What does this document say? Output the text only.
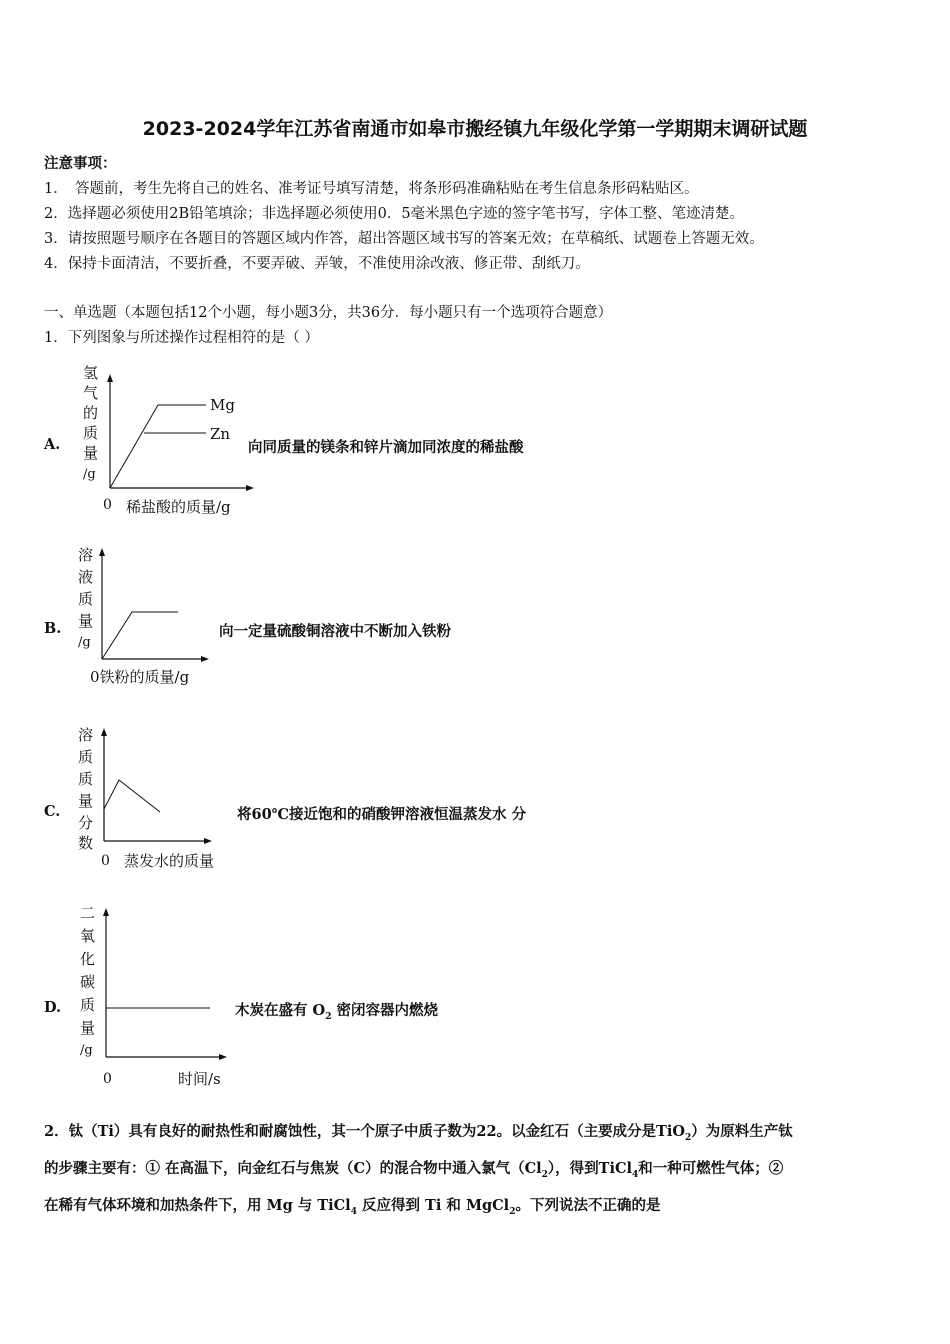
2023-2024学年江苏省南通市如皋市搬经镇九年级化学第一学期期末调研试题
注意事项：
1．　答题前，考生先将自己的姓名、准考证号填写清楚，将条形码准确粘贴在考生信息条形码粘贴区。
2．选择题必须使用2B铅笔填涂；非选择题必须使用0．5毫米黑色字迹的签字笔书写，字体工整、笔迹清楚。
3．请按照题号顺序在各题目的答题区域内作答，超出答题区域书写的答案无效；在草稿纸、试题卷上答题无效。
4．保持卡面清洁，不要折叠，不要弄破、弄皱，不准使用涂改液、修正带、刮纸刀。
一、单选题（本题包括12个小题，每小题3分，共36分．每小题只有一个选项符合题意）
1．下列图象与所述操作过程相符的是（ ）
A.
氢
气
的
质
量
/g
Mg
Zn
0 稀盐酸的质量/g
向同质量的镁条和锌片滴加同浓度的稀盐酸
B.
溶
液
质
量
/g
0铁粉的质量/g
向一定量硫酸铜溶液中不断加入铁粉
C.
溶
质
质
量
分
数
0 蒸发水的质量
将60℃接近饱和的硝酸钾溶液恒温蒸发水 分
D.
二
氧
化
碳
质
量
/g
0	时间/s
木炭在盛有 $O_2$ 密闭容器内燃烧
2．钛（Ti）具有良好的耐热性和耐腐蚀性，其一个原子中质子数为22。以金红石（主要成分是TiO$_2$）为原料生产钛
的步骤主要有：① 在高温下，向金红石与焦炭（C）的混合物中通入氯气$(Cl_2)$，得到TiCl$_4$和一种可燃性气体；②
在稀有气体环境和加热条件下，用 Mg 与 TiCl$_4$ 反应得到 Ti 和 MgCl$_2$。下列说法不正确的是
